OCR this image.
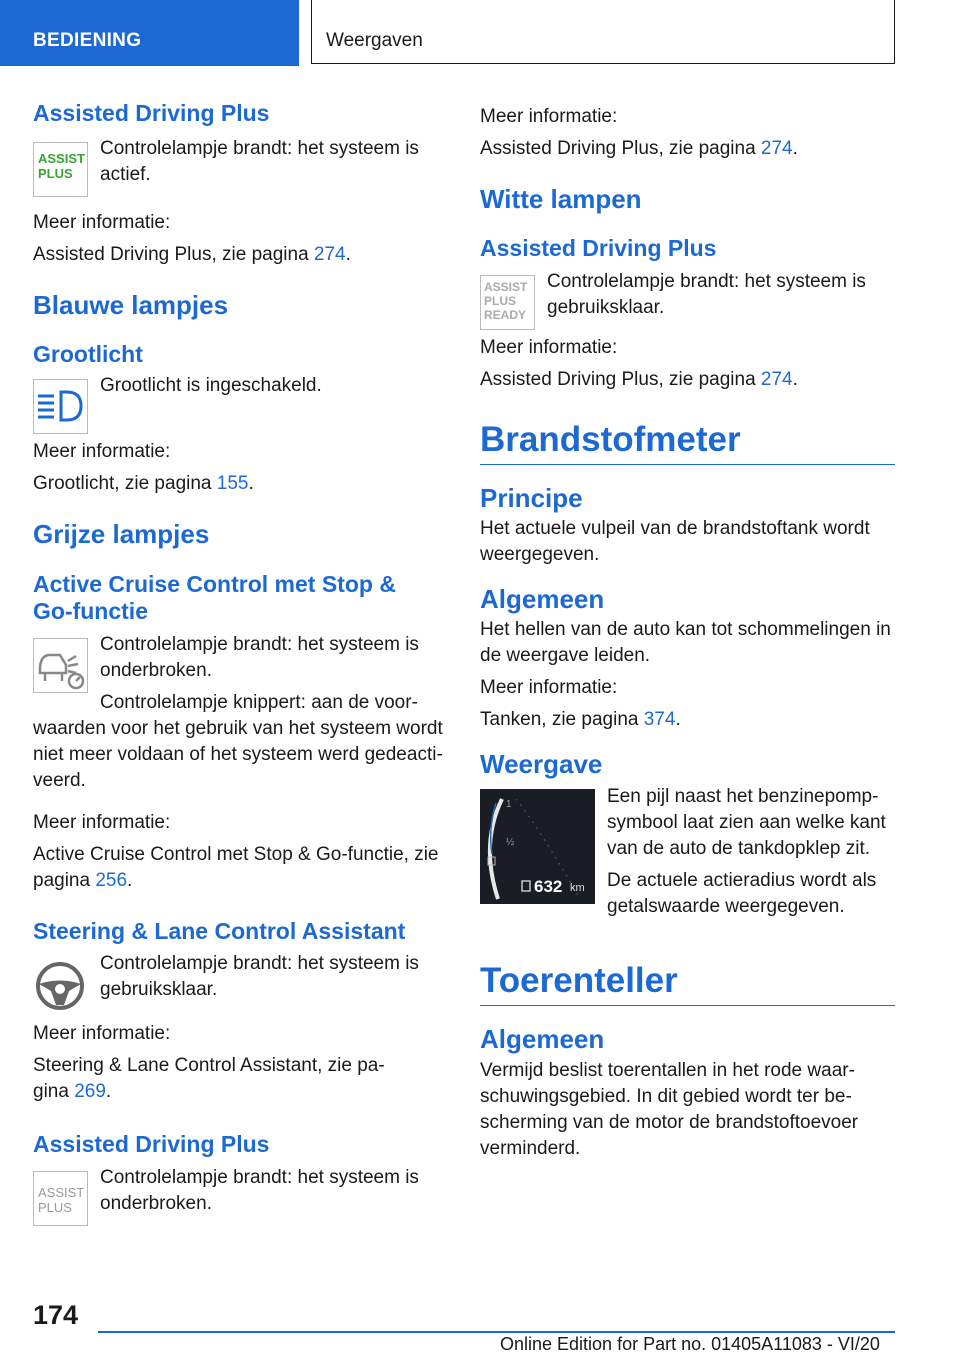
BEDIENING	Weergaven
Assisted Driving Plus
ASSIST
PLUS

Controlelampje brandt: het systeem is actief.

Meer informatie:

Assisted Driving Plus, zie pagina 274.

Blauwe lampjes
Grootlicht

Grootlicht is ingeschakeld.

Meer informatie:

Grootlicht, zie pagina 155.

Grijze lampjes
Active Cruise Control met Stop & Go-functie

Controlelampje brandt: het systeem is onderbroken.

Controlelampje knippert: aan de voor-

waarden voor het gebruik van het systeem wordt niet meer voldaan of het systeem werd gedeacti-veerd.

Meer informatie:

Active Cruise Control met Stop & Go-functie, zie pagina 256.

Steering & Lane Control Assistant

Controlelampje brandt: het systeem is gebruiksklaar.

Meer informatie:

Steering & Lane Control Assistant, zie pa-gina 269.

Assisted Driving Plus
ASSIST
PLUS

Controlelampje brandt: het systeem is onderbroken.

Meer informatie:

Assisted Driving Plus, zie pagina 274.

Witte lampen
Assisted Driving Plus
ASSIST
PLUS
READY

Controlelampje brandt: het systeem is gebruiksklaar.

Meer informatie:

Assisted Driving Plus, zie pagina 274.

Brandstofmeter
Principe

Het actuele vulpeil van de brandstoftank wordt weergegeven.

Algemeen

Het hellen van de auto kan tot schommelingen in de weergave leiden.

Meer informatie:

Tanken, zie pagina 374.

Weergave
1
½
632 km

Een pijl naast het benzinepomp-symbool laat zien aan welke kant van de auto de tankdopklep zit.

De actuele actieradius wordt als getalswaarde weergegeven.

Toerenteller
Algemeen

Vermijd beslist toerentallen in het rode waar-schuwingsgebied. In dit gebied wordt ter be-scherming van de motor de brandstoftoevoer verminderd.

174
Online Edition for Part no. 01405A11083 - VI/20
